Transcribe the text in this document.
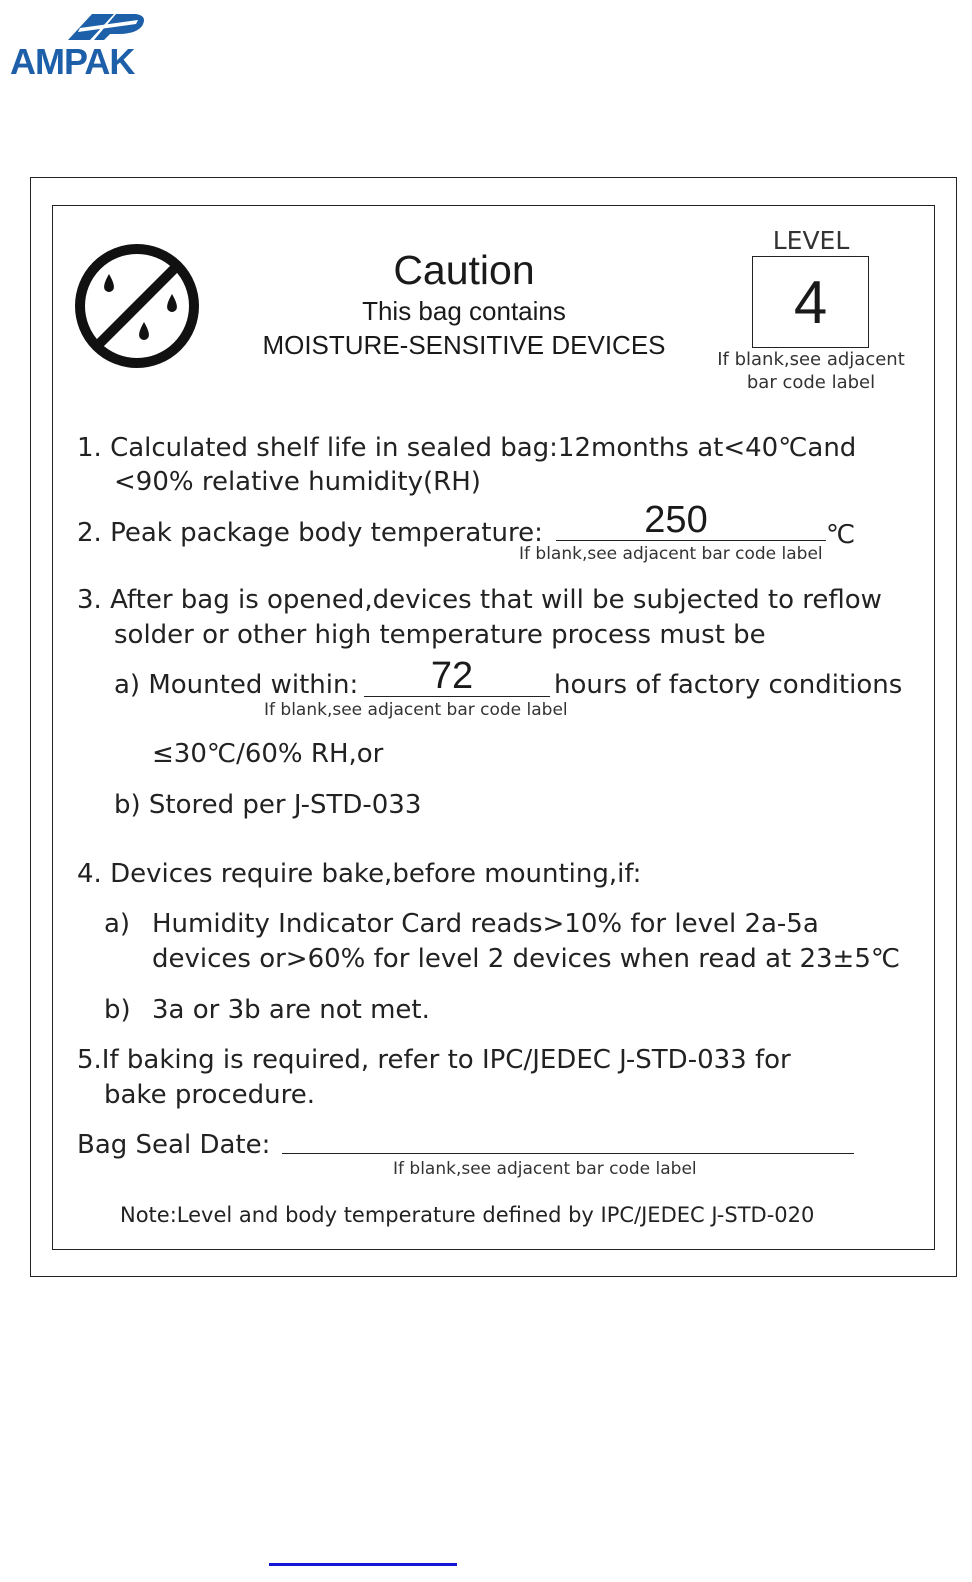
AMPAK
Caution
This bag contains
MOISTURE-SENSITIVE DEVICES
LEVEL
4
If blank,see adjacent bar code label
1. Calculated shelf life in sealed bag:12months at<40℃and
<90% relative humidity(RH)
2. Peak package body temperature:	250	℃
If blank,see adjacent bar code label
3. After bag is opened,devices that will be subjected to reflow
solder or other high temperature process must be
a) Mounted within:	72	hours of factory conditions
If blank,see adjacent bar code label
≤30℃/60% RH,or
b) Stored per J-STD-033
4. Devices require bake,before mounting,if:
a) Humidity Indicator Card reads>10% for level 2a-5a
devices or>60% for level 2 devices when read at 23±5℃
b) 3a or 3b are not met.
5.If baking is required, refer to IPC/JEDEC J-STD-033 for
bake procedure.
Bag Seal Date:
If blank,see adjacent bar code label
Note:Level and body temperature defined by IPC/JEDEC J-STD-020
